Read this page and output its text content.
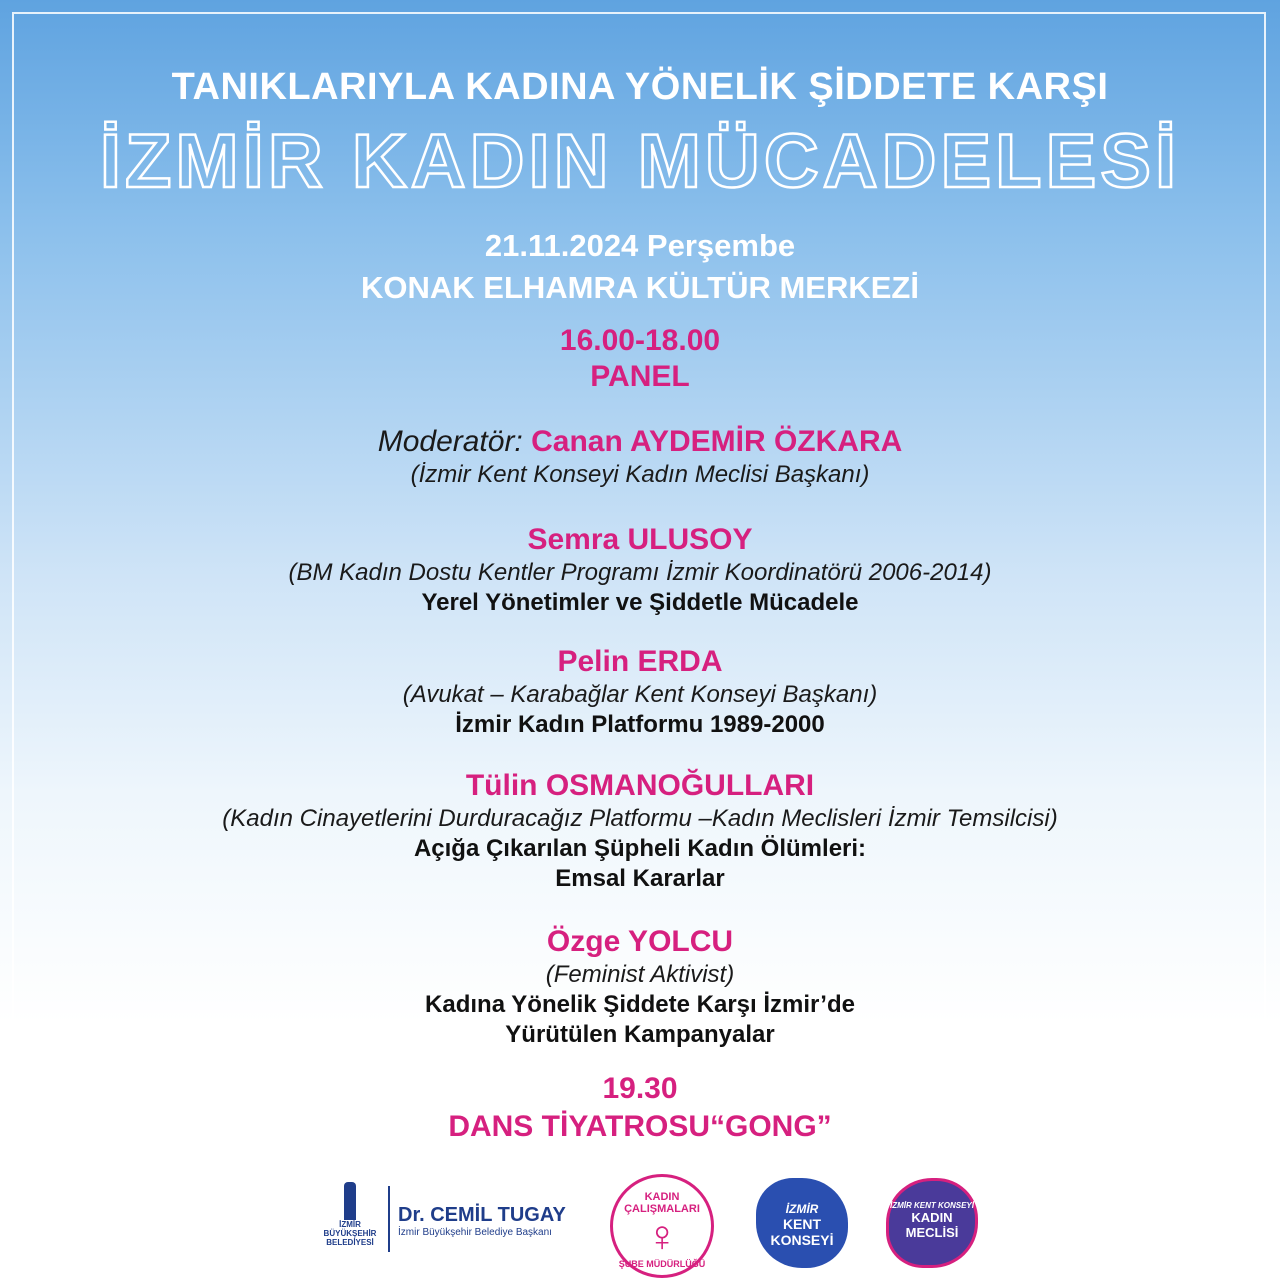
TANIKLARIYLA KADINA YÖNELİK ŞİDDETE KARŞI
İZMİR KADIN MÜCADELESİ
21.11.2024 Perşembe
KONAK ELHAMRA KÜLTÜR MERKEZİ
16.00-18.00
PANEL
Moderatör: Canan AYDEMİR ÖZKARA
(İzmir Kent Konseyi Kadın Meclisi Başkanı)
Semra ULUSOY
(BM Kadın Dostu Kentler Programı İzmir Koordinatörü 2006-2014)
Yerel Yönetimler ve Şiddetle Mücadele
Pelin ERDA
(Avukat – Karabağlar Kent Konseyi Başkanı)
İzmir Kadın Platformu 1989-2000
Tülin OSMANOĞULLARI
(Kadın Cinayetlerini Durduracağız Platformu –Kadın Meclisleri İzmir Temsilcisi)
Açığa Çıkarılan Şüpheli Kadın Ölümleri:
Emsal Kararlar
Özge YOLCU
(Feminist Aktivist)
Kadına Yönelik Şiddete Karşı İzmir’de
Yürütülen Kampanyalar
19.30
DANS TİYATROSU“GONG”
İZMİR
BÜYÜKŞEHİR
BELEDİYESİ
Dr. CEMİL TUGAY
İzmir Büyükşehir Belediye Başkanı
KADIN ÇALIŞMALARI
♀
ŞUBE MÜDÜRLÜĞÜ
İZMİR
KENT
KONSEYİ
İZMİR KENT KONSEYİ
KADIN
MECLİSİ
